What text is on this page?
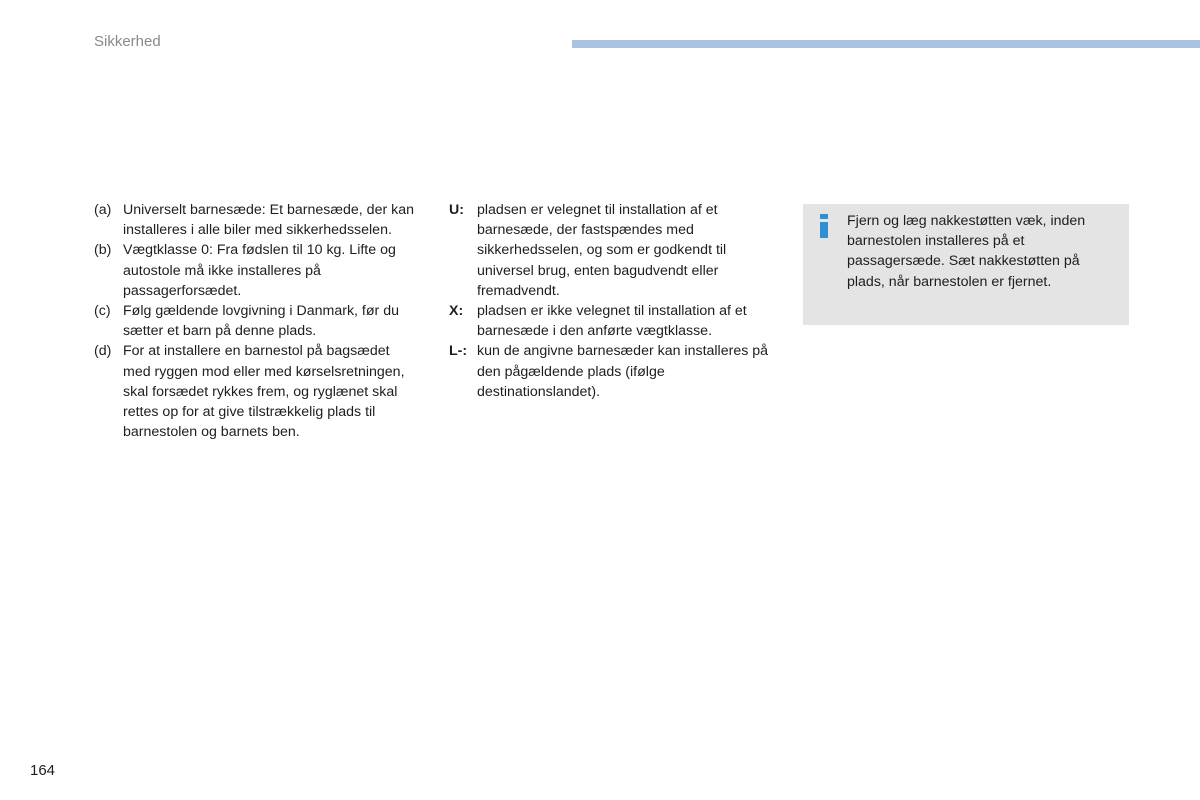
Sikkerhed
(a) Universelt barnesæde: Et barnesæde, der kan installeres i alle biler med sikkerhedsselen.
(b) Vægtklasse 0: Fra fødslen til 10 kg. Lifte og autostole må ikke installeres på passagerforsædet.
(c) Følg gældende lovgivning i Danmark, før du sætter et barn på denne plads.
(d) For at installere en barnestol på bagsædet med ryggen mod eller med kørselsretningen, skal forsædet rykkes frem, og ryglænet skal rettes op for at give tilstrækkelig plads til barnestolen og barnets ben.
U: pladsen er velegnet til installation af et barnesæde, der fastspændes med sikkerhedsselen, og som er godkendt til universel brug, enten bagudvendt eller fremadvendt.
X: pladsen er ikke velegnet til installation af et barnesæde i den anførte vægtklasse.
L-: kun de angivne barnesæder kan installeres på den pågældende plads (ifølge destinationslandet).
Fjern og læg nakkestøtten væk, inden barnestolen installeres på et passagersæde. Sæt nakkestøtten på plads, når barnestolen er fjernet.
164
